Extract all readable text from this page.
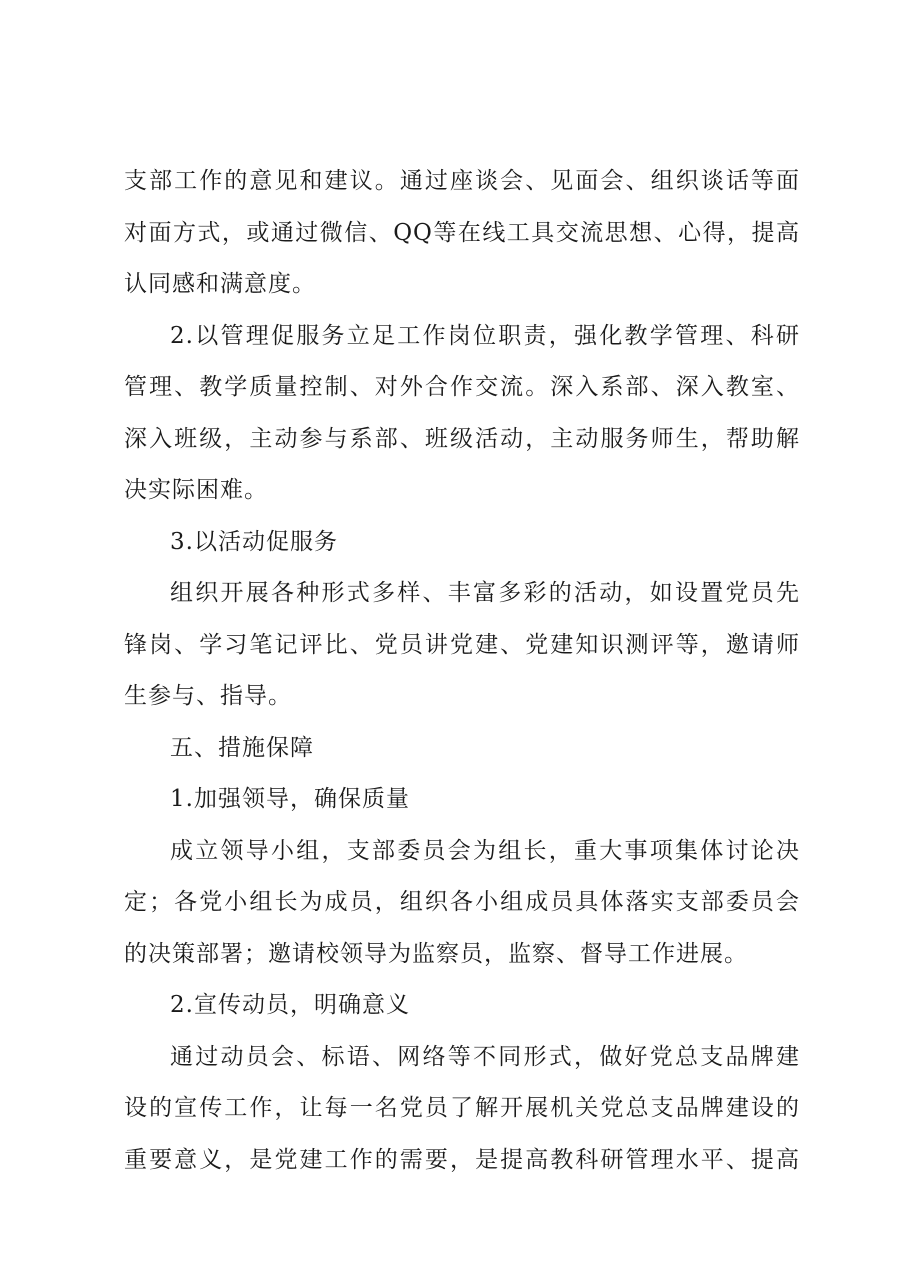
支部工作的意见和建议。通过座谈会、见面会、组织谈话等面
对面方式，或通过微信、QQ等在线工具交流思想、心得，提高
认同感和满意度。
2.以管理促服务立足工作岗位职责，强化教学管理、科研
管理、教学质量控制、对外合作交流。深入系部、深入教室、
深入班级，主动参与系部、班级活动，主动服务师生，帮助解
决实际困难。
3.以活动促服务
组织开展各种形式多样、丰富多彩的活动，如设置党员先
锋岗、学习笔记评比、党员讲党建、党建知识测评等，邀请师
生参与、指导。
五、措施保障
1.加强领导，确保质量
成立领导小组，支部委员会为组长，重大事项集体讨论决
定；各党小组长为成员，组织各小组成员具体落实支部委员会
的决策部署；邀请校领导为监察员，监察、督导工作进展。
2.宣传动员，明确意义
通过动员会、标语、网络等不同形式，做好党总支品牌建
设的宣传工作，让每一名党员了解开展机关党总支品牌建设的
重要意义，是党建工作的需要，是提高教科研管理水平、提高
